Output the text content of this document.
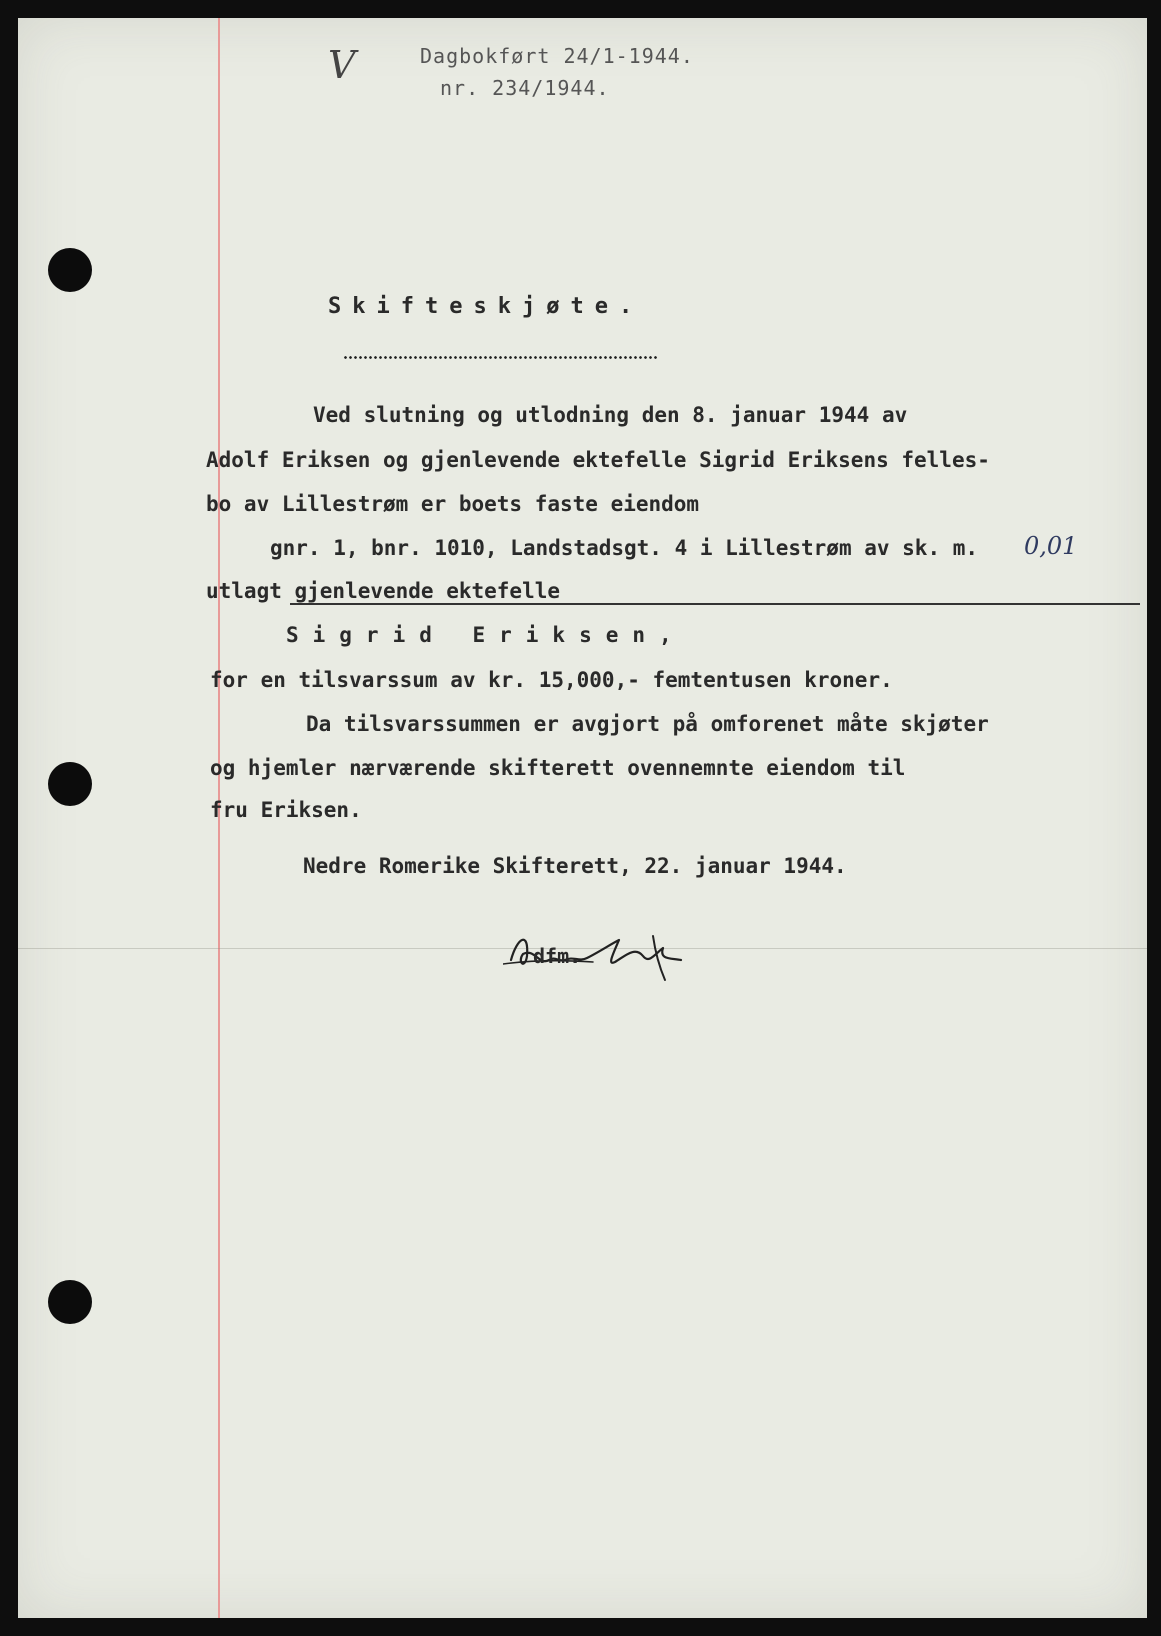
V	Dagbokført 24/1-1944.

nr. 234/1944.

Skifteskjøte.

Ved slutning og utlodning den 8. januar 1944 av

Adolf Eriksen og gjenlevende ektefelle Sigrid Eriksens felles-

bo av Lillestrøm er boets faste eiendom

gnr. 1, bnr. 1010, Landstadsgt. 4 i Lillestrøm av sk. m. 0,01

utlagt gjenlevende ektefelle

Sigrid Eriksen,

for en tilsvarssum av kr. 15,000,- femtentusen kroner.

Da tilsvarssummen er avgjort på omforenet måte skjøter

og hjemler nærværende skifterett ovennemnte eiendom til

fru Eriksen.

Nedre Romerike Skifterett, 22. januar 1944.

dfm.
